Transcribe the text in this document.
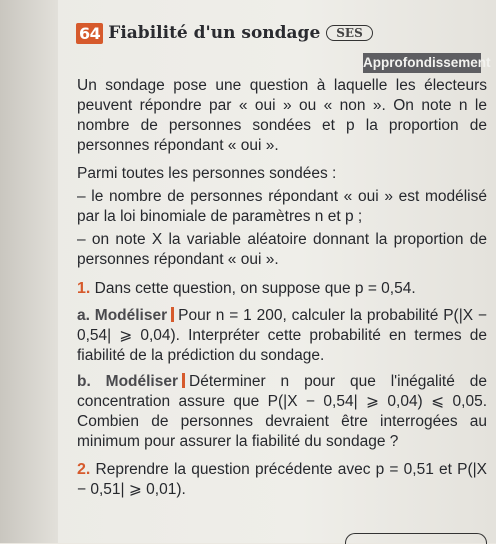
64 Fiabilité d'un sondage	SES
Approfondissement

Un sondage pose une question à laquelle les électeurs peuvent répondre par « oui » ou « non ». On note n le nombre de personnes sondées et p la proportion de personnes répondant « oui ».

Parmi toutes les personnes sondées :

– le nombre de personnes répondant « oui » est modélisé par la loi binomiale de paramètres n et p ;

– on note X la variable aléatoire donnant la proportion de personnes répondant « oui ».

1. Dans cette question, on suppose que p = 0,54.

a. Modéliser Pour n = 1 200, calculer la probabilité P(|X − 0,54| ⩾ 0,04). Interpréter cette probabilité en termes de fiabilité de la prédiction du sondage.

b. Modéliser Déterminer n pour que l'inégalité de concentration assure que P(|X − 0,54| ⩾ 0,04) ⩽ 0,05. Combien de personnes devraient être interrogées au minimum pour assurer la fiabilité du sondage ?

2. Reprendre la question précédente avec p = 0,51 et P(|X − 0,51| ⩾ 0,01).
